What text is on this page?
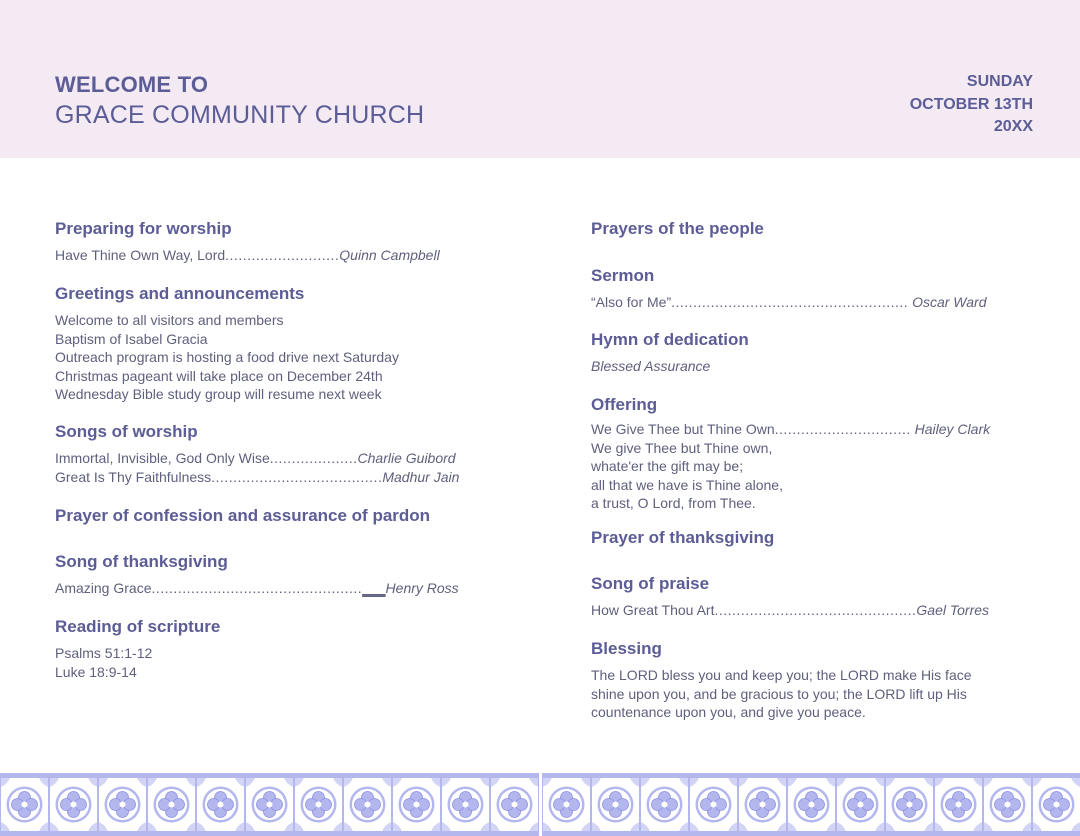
WELCOME TO
GRACE COMMUNITY CHURCH
SUNDAY
OCTOBER 13TH
20XX
Preparing for worship
Have Thine Own Way, Lord..........................Quinn Campbell
Greetings and announcements
Welcome to all visitors and members
Baptism of Isabel Gracia
Outreach program is hosting a food drive next Saturday
Christmas pageant will take place on December 24th
Wednesday Bible study group will resume next week
Songs of worship
Immortal, Invisible, God Only Wise....................Charlie Guibord
Great Is Thy Faithfulness.......................................Madhur Jain
Prayer of confession and assurance of pardon
Song of thanksgiving
Amazing Grace................................................___Henry Ross
Reading of scripture
Psalms 51:1-12
Luke 18:9-14
Prayers of the people
Sermon
“Also for Me”...................................................... Oscar Ward
Hymn of dedication
Blessed Assurance
Offering
We Give Thee but Thine Own............................... Hailey Clark
We give Thee but Thine own,
whate'er the gift may be;
all that we have is Thine alone,
a trust, O Lord, from Thee.
Prayer of thanksgiving
Song of praise
How Great Thou Art..............................................Gael Torres
Blessing
The LORD bless you and keep you; the LORD make His face
shine upon you, and be gracious to you; the LORD lift up His
countenance upon you, and give you peace.
